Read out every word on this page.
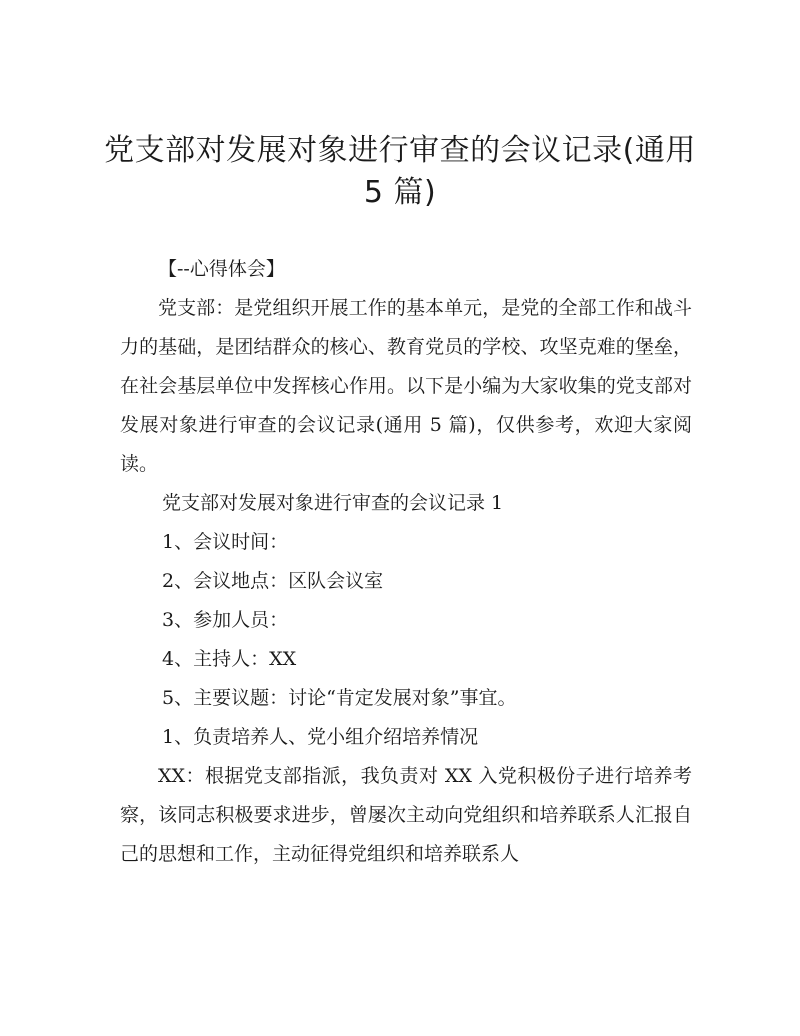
党支部对发展对象进行审查的会议记录(通用
5 篇)

【--心得体会】

党支部：是党组织开展工作的基本单元，是党的全部工作和战斗力的基础，是团结群众的核心、教育党员的学校、攻坚克难的堡垒，在社会基层单位中发挥核心作用。以下是小编为大家收集的党支部对发展对象进行审查的会议记录(通用 5 篇)，仅供参考，欢迎大家阅读。

党支部对发展对象进行审查的会议记录 1

1、会议时间：

2、会议地点：区队会议室

3、参加人员：

4、主持人：XX

5、主要议题：讨论“肯定发展对象”事宜。

1、负责培养人、党小组介绍培养情况

XX：根据党支部指派，我负责对 XX 入党积极份子进行培养考察，该同志积极要求进步，曾屡次主动向党组织和培养联系人汇报自己的思想和工作，主动征得党组织和培养联系人
